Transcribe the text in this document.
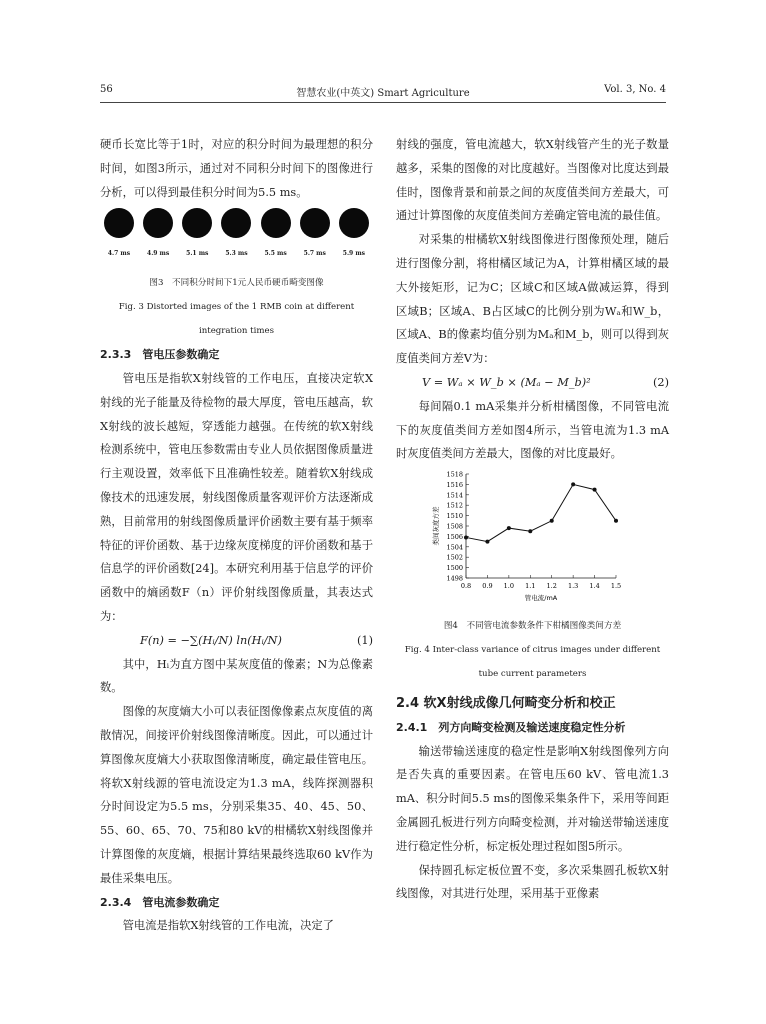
56	智慧农业(中英文) Smart Agriculture	Vol. 3, No. 4

硬币长宽比等于1时，对应的积分时间为最理想的积分时间，如图3所示，通过对不同积分时间下的图像进行分析，可以得到最佳积分时间为5.5 ms。

4.7 ms	4.9 ms	5.1 ms	5.3 ms	5.5 ms	5.7 ms	5.9 ms

图3　不同积分时间下1元人民币硬币畸变图像

Fig. 3 Distorted images of the 1 RMB coin at different integration times

2.3.3　管电压参数确定

管电压是指软X射线管的工作电压，直接决定软X射线的光子能量及待检物的最大厚度，管电压越高，软X射线的波长越短，穿透能力越强。在传统的软X射线检测系统中，管电压参数需由专业人员依据图像质量进行主观设置，效率低下且准确性较差。随着软X射线成像技术的迅速发展，射线图像质量客观评价方法逐渐成熟，目前常用的射线图像质量评价函数主要有基于频率特征的评价函数、基于边缘灰度梯度的评价函数和基于信息学的评价函数[24]。本研究利用基于信息学的评价函数中的熵函数F（n）评价射线图像质量，其表达式为：

F(n) = −∑(Hᵢ/N) ln(Hᵢ/N)	(1)

其中，Hᵢ为直方图中某灰度值的像素；N为总像素数。

图像的灰度熵大小可以表征图像像素点灰度值的离散情况，间接评价射线图像清晰度。因此，可以通过计算图像灰度熵大小获取图像清晰度，确定最佳管电压。将软X射线源的管电流设定为1.3 mA，线阵探测器积分时间设定为5.5 ms，分别采集35、40、45、50、55、60、65、70、75和80 kV的柑橘软X射线图像并计算图像的灰度熵，根据计算结果最终选取60 kV作为最佳采集电压。

2.3.4　管电流参数确定

管电流是指软X射线管的工作电流，决定了

射线的强度，管电流越大，软X射线管产生的光子数量越多，采集的图像的对比度越好。当图像对比度达到最佳时，图像背景和前景之间的灰度值类间方差最大，可通过计算图像的灰度值类间方差确定管电流的最佳值。

对采集的柑橘软X射线图像进行图像预处理，随后进行图像分割，将柑橘区域记为A，计算柑橘区域的最大外接矩形，记为C；区域C和区域A做减运算，得到区域B；区域A、B占区域C的比例分别为Wₐ和W_b，区域A、B的像素均值分别为Mₐ和M_b，则可以得到灰度值类间方差V为：

V = Wₐ × W_b × (Mₐ − M_b)²	(2)

每间隔0.1 mA采集并分析柑橘图像，不同管电流下的灰度值类间方差如图4所示，当管电流为1.3 mA时灰度值类间方差最大，图像的对比度最好。

1518
1516
1514
1512
1510
1508
1506
1504
1502
1500
1498
0.8 0.9 1.0 1.1 1.2 1.3 1.4 1.5
管电流/mA
类间灰度方差

图4　不同管电流参数条件下柑橘图像类间方差

Fig. 4 Inter-class variance of citrus images under different tube current parameters

2.4 软X射线成像几何畸变分析和校正

2.4.1　列方向畸变检测及输送速度稳定性分析

输送带输送速度的稳定性是影响X射线图像列方向是否失真的重要因素。在管电压60 kV、管电流1.3 mA、积分时间5.5 ms的图像采集条件下，采用等间距金属圆孔板进行列方向畸变检测，并对输送带输送速度进行稳定性分析，标定板处理过程如图5所示。

保持圆孔标定板位置不变，多次采集圆孔板软X射线图像，对其进行处理，采用基于亚像素
